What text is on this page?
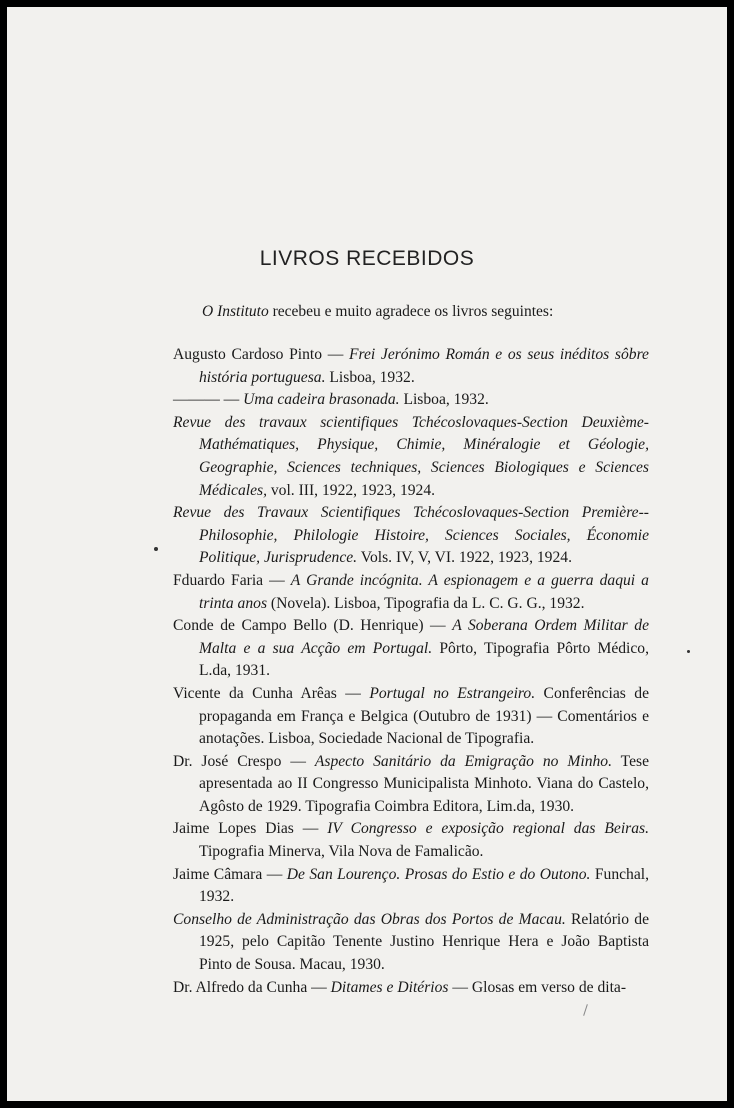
LIVROS RECEBIDOS
O Instituto recebeu e muito agradece os livros seguintes:

Augusto Cardoso Pinto — Frei Jerónimo Román e os seus inéditos sôbre história portuguesa. Lisboa, 1932.

——— — Uma cadeira brasonada. Lisboa, 1932.

Revue des travaux scientifiques Tchécoslovaques-Section Deuxième-Mathématiques, Physique, Chimie, Minéralogie et Géologie, Geographie, Sciences techniques, Sciences Biologiques e Sciences Médicales, vol. III, 1922, 1923, 1924.

Revue des Travaux Scientifiques Tchécoslovaques-Section Première--Philosophie, Philologie Histoire, Sciences Sociales, Économie Politique, Jurisprudence. Vols. IV, V, VI. 1922, 1923, 1924.

Fduardo Faria — A Grande incógnita. A espionagem e a guerra daqui a trinta anos (Novela). Lisboa, Tipografia da L. C. G. G., 1932.

Conde de Campo Bello (D. Henrique) — A Soberana Ordem Militar de Malta e a sua Acção em Portugal. Pôrto, Tipografia Pôrto Médico, L.da, 1931.

Vicente da Cunha Arêas — Portugal no Estrangeiro. Conferências de propaganda em França e Belgica (Outubro de 1931) — Comentários e anotações. Lisboa, Sociedade Nacional de Tipografia.

Dr. José Crespo — Aspecto Sanitário da Emigração no Minho. Tese apresentada ao II Congresso Municipalista Minhoto. Viana do Castelo, Agôsto de 1929. Tipografia Coimbra Editora, Lim.da, 1930.

Jaime Lopes Dias — IV Congresso e exposição regional das Beiras. Tipografia Minerva, Vila Nova de Famalicão.

Jaime Câmara — De San Lourenço. Prosas do Estio e do Outono. Funchal, 1932.

Conselho de Administração das Obras dos Portos de Macau. Relatório de 1925, pelo Capitão Tenente Justino Henrique Hera e João Baptista Pinto de Sousa. Macau, 1930.

Dr. Alfredo da Cunha — Ditames e Ditérios — Glosas em verso de dita-
